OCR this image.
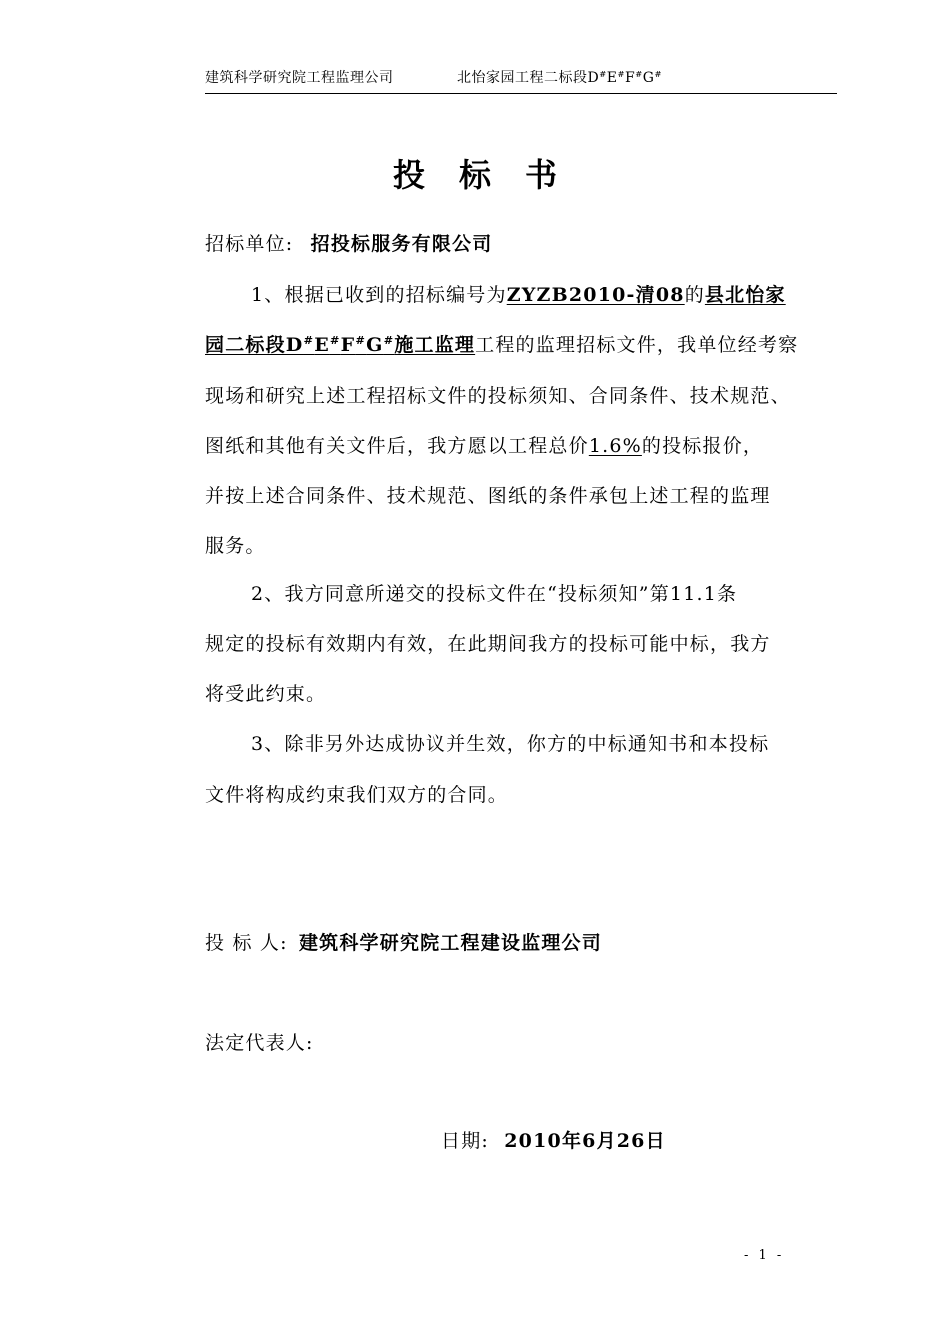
建筑科学研究院工程监理公司	北怡家园工程二标段D#E#F#G#
投标书
招标单位: 招投标服务有限公司
1、根据已收到的招标编号为ZYZB2010-清08的县北怡家
园二标段D#E#F#G#施工监理工程的监理招标文件，我单位经考察
现场和研究上述工程招标文件的投标须知、合同条件、技术规范、
图纸和其他有关文件后，我方愿以工程总价1.6%的投标报价，
并按上述合同条件、技术规范、图纸的条件承包上述工程的监理
服务。
2、我方同意所递交的投标文件在“投标须知”第11.1条
规定的投标有效期内有效，在此期间我方的投标可能中标，我方
将受此约束。
3、除非另外达成协议并生效，你方的中标通知书和本投标
文件将构成约束我们双方的合同。
投 标 人: 建筑科学研究院工程建设监理公司
法定代表人:
日期: 2010年6月26日
- 1 -
